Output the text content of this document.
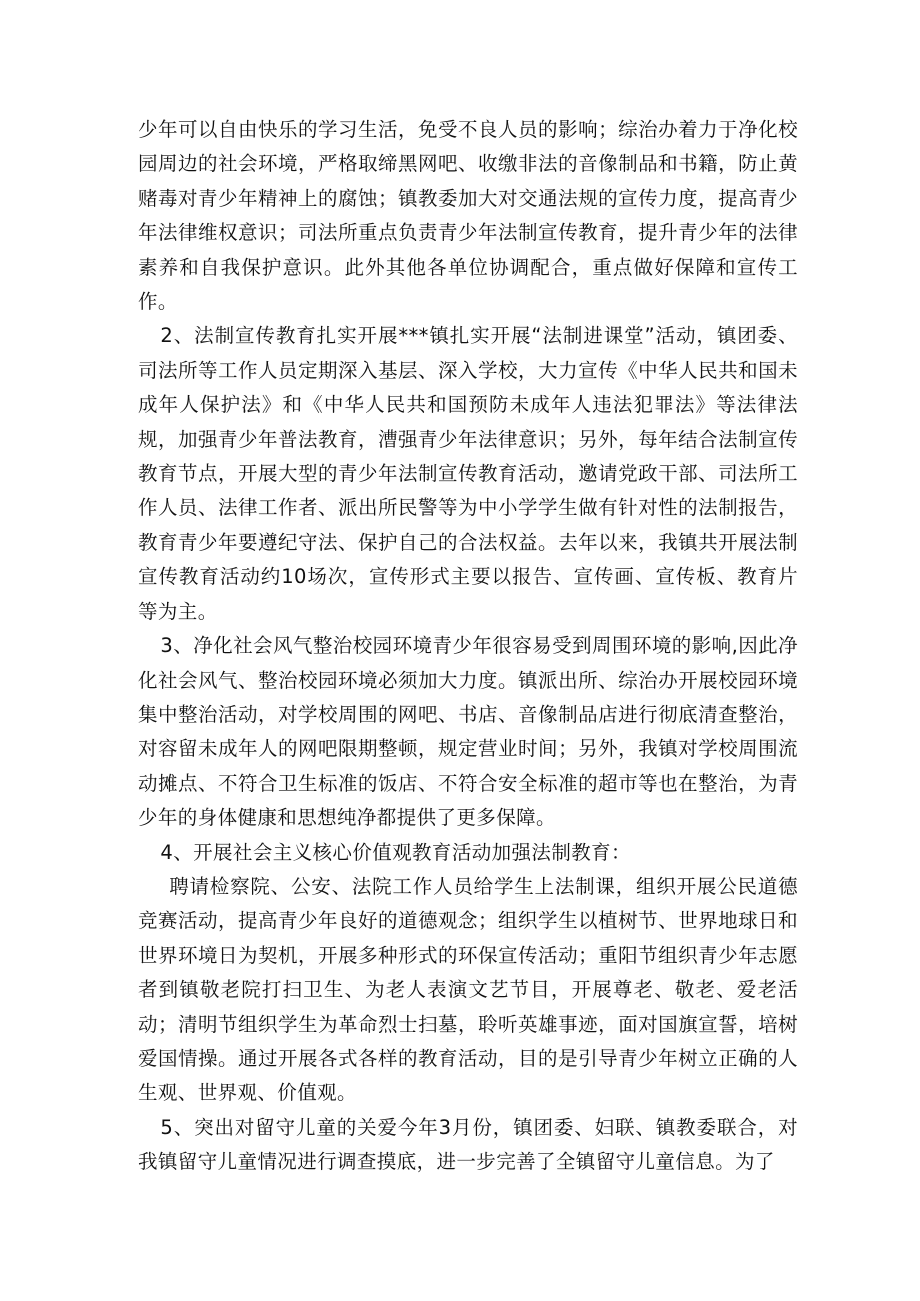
少年可以自由快乐的学习生活，免受不良人员的影响；综治办着力于净化校园周边的社会环境，严格取缔黑网吧、收缴非法的音像制品和书籍，防止黄赌毒对青少年精神上的腐蚀；镇教委加大对交通法规的宣传力度，提高青少年法律维权意识；司法所重点负责青少年法制宣传教育，提升青少年的法律素养和自我保护意识。此外其他各单位协调配合，重点做好保障和宣传工作。

2、法制宣传教育扎实开展***镇扎实开展“法制进课堂”活动，镇团委、司法所等工作人员定期深入基层、深入学校，大力宣传《中华人民共和国未成年人保护法》和《中华人民共和国预防未成年人违法犯罪法》等法律法规，加强青少年普法教育，漕强青少年法律意识；另外，每年结合法制宣传教育节点，开展大型的青少年法制宣传教育活动，邀请党政干部、司法所工作人员、法律工作者、派出所民警等为中小学学生做有针对性的法制报告，教育青少年要遵纪守法、保护自己的合法权益。去年以来，我镇共开展法制宣传教育活动约10场次，宣传形式主要以报告、宣传画、宣传板、教育片等为主。

3、净化社会风气整治校园环境青少年很容易受到周围环境的影响,因此净化社会风气、整治校园环境必须加大力度。镇派出所、综治办开展校园环境集中整治活动，对学校周围的网吧、书店、音像制品店进行彻底清查整治，对容留未成年人的网吧限期整顿，规定营业时间；另外，我镇对学校周围流动摊点、不符合卫生标准的饭店、不符合安全标准的超市等也在整治，为青少年的身体健康和思想纯净都提供了更多保障。

4、开展社会主义核心价值观教育活动加强法制教育：

聘请检察院、公安、法院工作人员给学生上法制课，组织开展公民道德竞赛活动，提高青少年良好的道德观念；组织学生以植树节、世界地球日和世界环境日为契机，开展多种形式的环保宣传活动；重阳节组织青少年志愿者到镇敬老院打扫卫生、为老人表演文艺节目，开展尊老、敬老、爱老活动；清明节组织学生为革命烈士扫墓，聆听英雄事迹，面对国旗宣誓，培树爱国情操。通过开展各式各样的教育活动，目的是引导青少年树立正确的人生观、世界观、价值观。

5、突出对留守儿童的关爱今年3月份，镇团委、妇联、镇教委联合，对我镇留守儿童情况进行调查摸底，进一步完善了全镇留守儿童信息。为了
